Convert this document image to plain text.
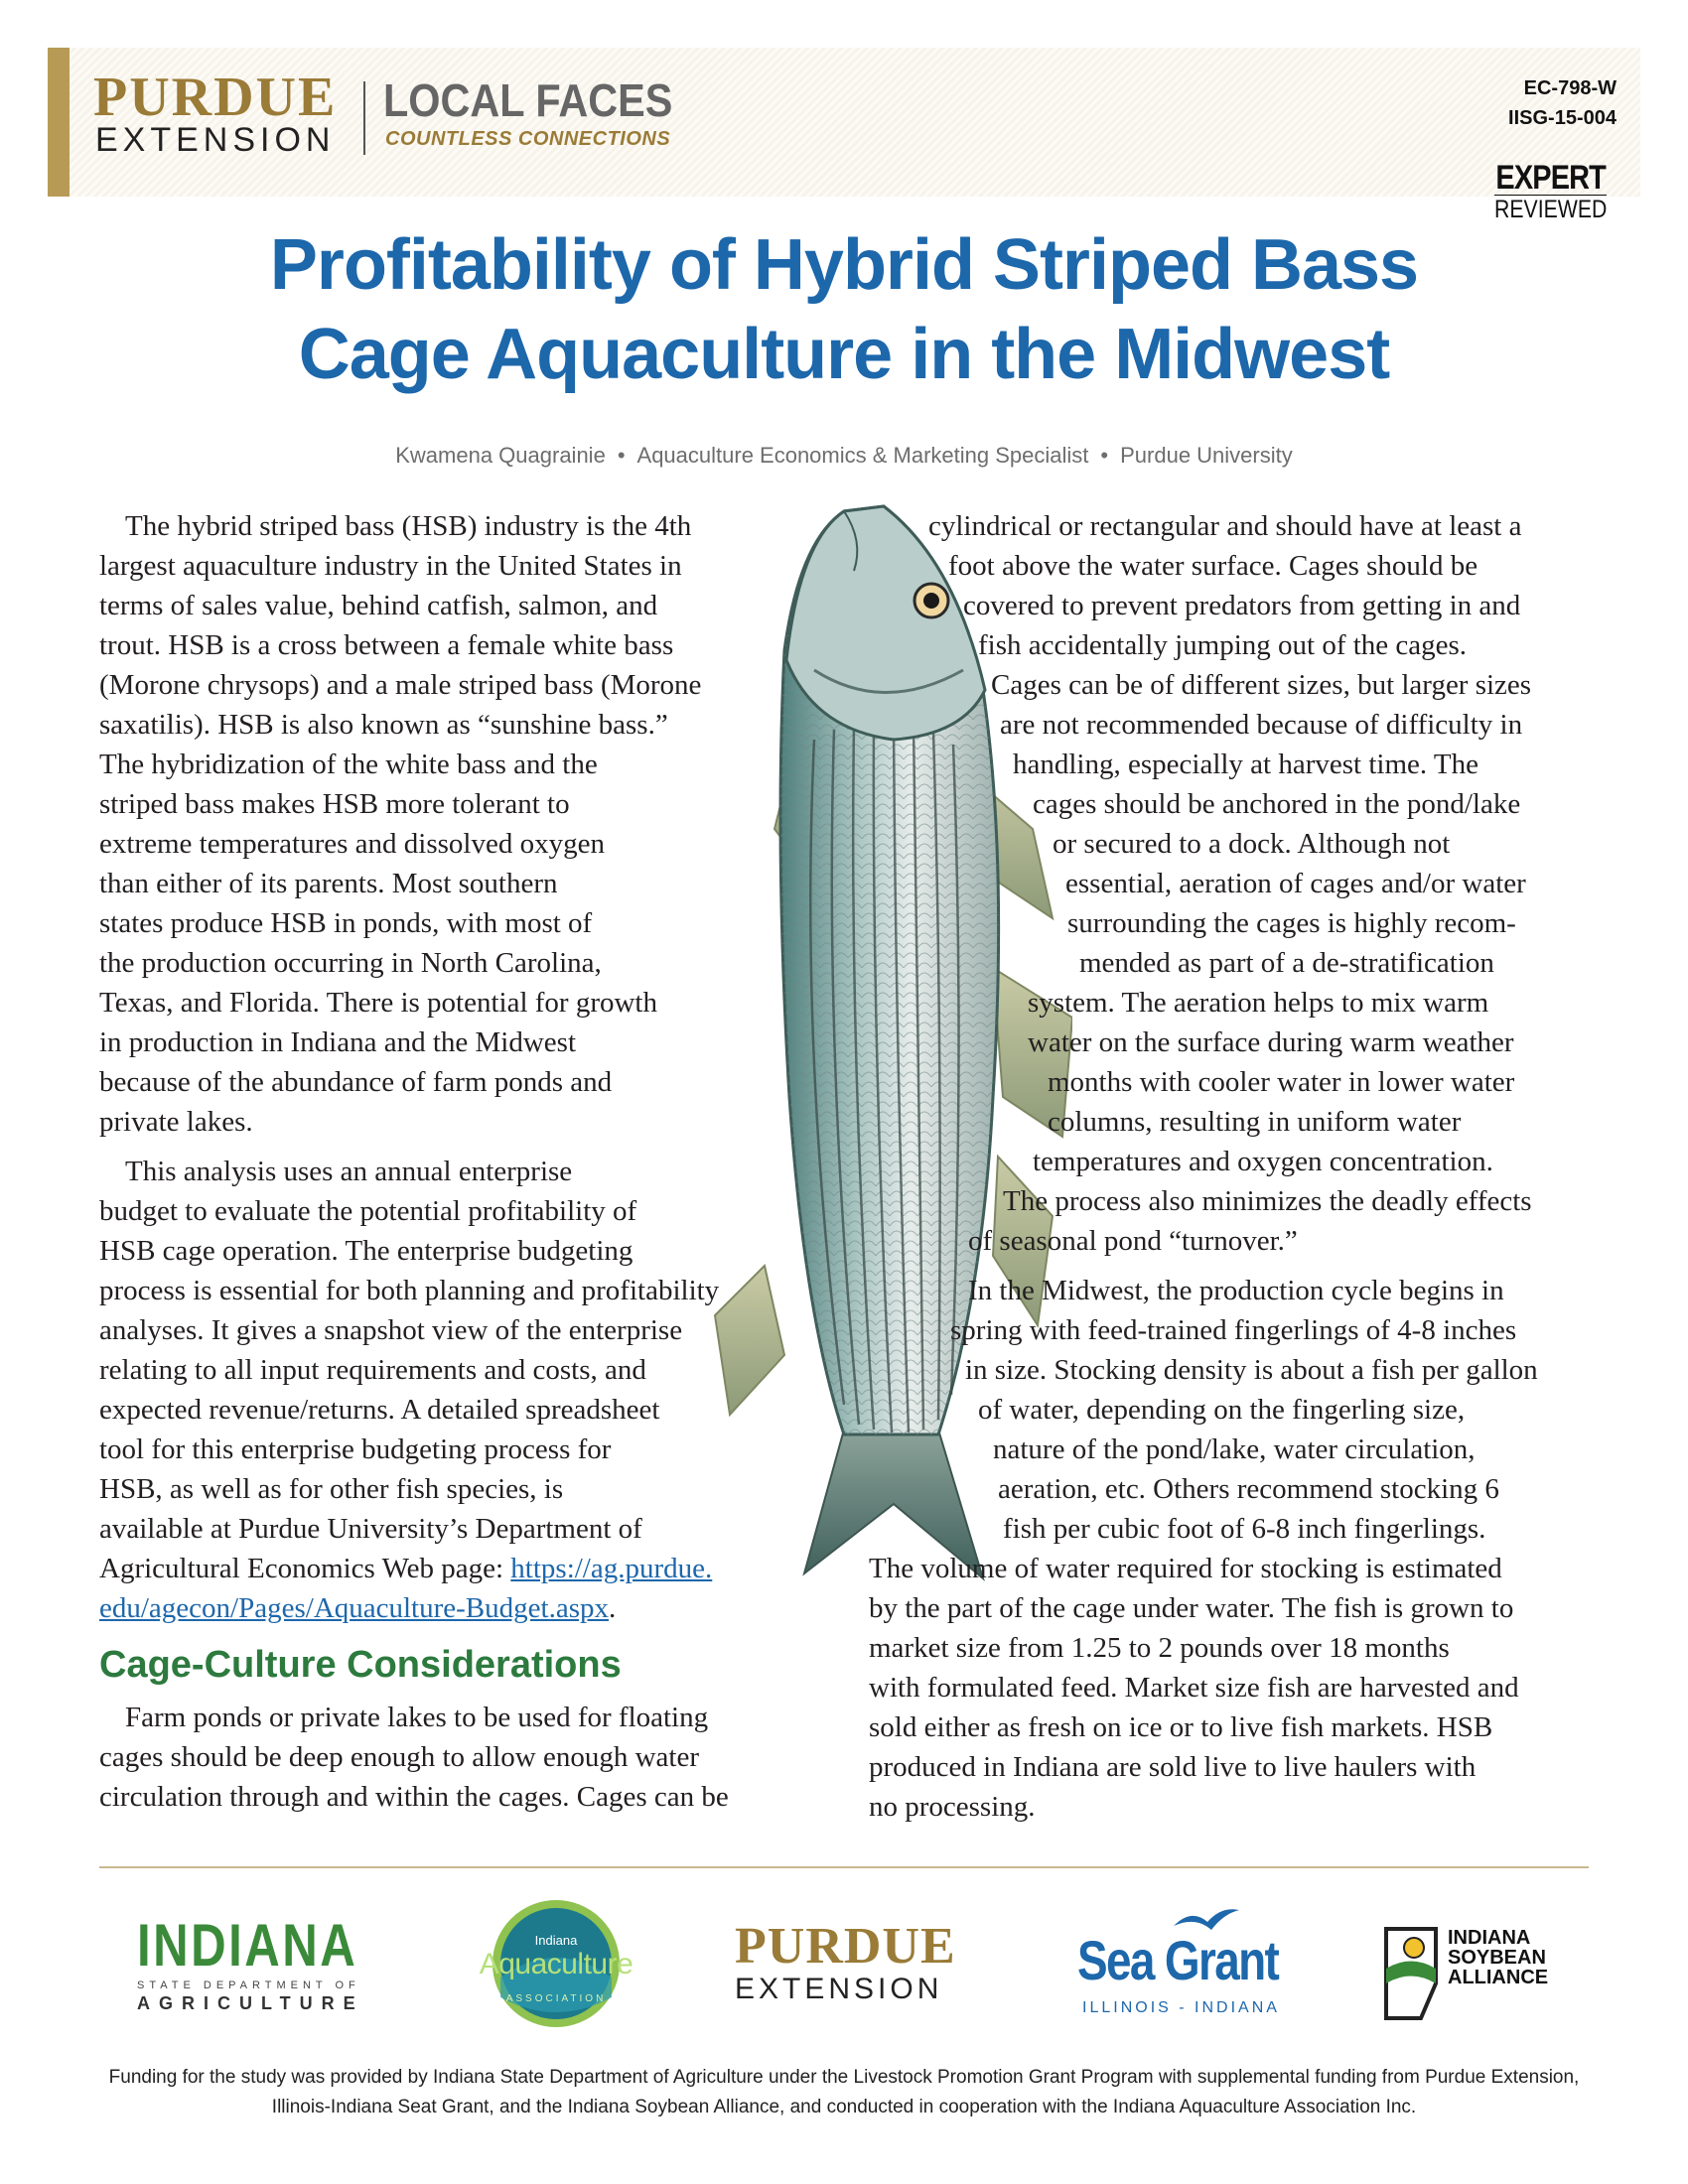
PURDUE
EXTENSION
LOCAL FACES
COUNTLESS CONNECTIONS
EC-798-W
IISG-15-004
EXPERT
REVIEWED
Profitability of Hybrid Striped Bass
Cage Aquaculture in the Midwest
Kwamena Quagrainie • Aquaculture Economics & Marketing Specialist • Purdue University
The hybrid striped bass (HSB) industry is the 4th
largest aquaculture industry in the United States in
terms of sales value, behind catfish, salmon, and
trout. HSB is a cross between a female white bass
(Morone chrysops) and a male striped bass (Morone
saxatilis). HSB is also known as “sunshine bass.”
The hybridization of the white bass and the
striped bass makes HSB more tolerant to
extreme temperatures and dissolved oxygen
than either of its parents. Most southern
states produce HSB in ponds, with most of
the production occurring in North Carolina,
Texas, and Florida. There is potential for growth
in production in Indiana and the Midwest
because of the abundance of farm ponds and
private lakes.
This analysis uses an annual enterprise
budget to evaluate the potential profitability of
HSB cage operation. The enterprise budgeting
process is essential for both planning and profitability
analyses. It gives a snapshot view of the enterprise
relating to all input requirements and costs, and
expected revenue/returns. A detailed spreadsheet
tool for this enterprise budgeting process for
HSB, as well as for other fish species, is
available at Purdue University’s Department of
Agricultural Economics Web page: https://ag.purdue.
edu/agecon/Pages/Aquaculture-Budget.aspx.
Cage-Culture Considerations
Farm ponds or private lakes to be used for floating
cages should be deep enough to allow enough water
circulation through and within the cages. Cages can be
cylindrical or rectangular and should have at least a
foot above the water surface. Cages should be
covered to prevent predators from getting in and
fish accidentally jumping out of the cages.
Cages can be of different sizes, but larger sizes
are not recommended because of difficulty in
handling, especially at harvest time. The
cages should be anchored in the pond/lake
or secured to a dock. Although not
essential, aeration of cages and/or water
surrounding the cages is highly recom-
mended as part of a de-stratification
system. The aeration helps to mix warm
water on the surface during warm weather
months with cooler water in lower water
columns, resulting in uniform water
temperatures and oxygen concentration.
The process also minimizes the deadly effects
of seasonal pond “turnover.”
In the Midwest, the production cycle begins in
spring with feed-trained fingerlings of 4-8 inches
in size. Stocking density is about a fish per gallon
of water, depending on the fingerling size,
nature of the pond/lake, water circulation,
aeration, etc. Others recommend stocking 6
fish per cubic foot of 6-8 inch fingerlings.
The volume of water required for stocking is estimated
by the part of the cage under water. The fish is grown to
market size from 1.25 to 2 pounds over 18 months
with formulated feed. Market size fish are harvested and
sold either as fresh on ice or to live fish markets. HSB
produced in Indiana are sold live to live haulers with
no processing.
INDIANA
STATE DEPARTMENT OF
AGRICULTURE
Indiana
Aquaculture
ASSOCIATION
PURDUE
EXTENSION	Sea Grant
ILLINOIS - INDIANA
INDIANA
SOYBEAN
ALLIANCE
Funding for the study was provided by Indiana State Department of Agriculture under the Livestock Promotion Grant Program with supplemental funding from Purdue Extension,
Illinois-Indiana Seat Grant, and the Indiana Soybean Alliance, and conducted in cooperation with the Indiana Aquaculture Association Inc.
